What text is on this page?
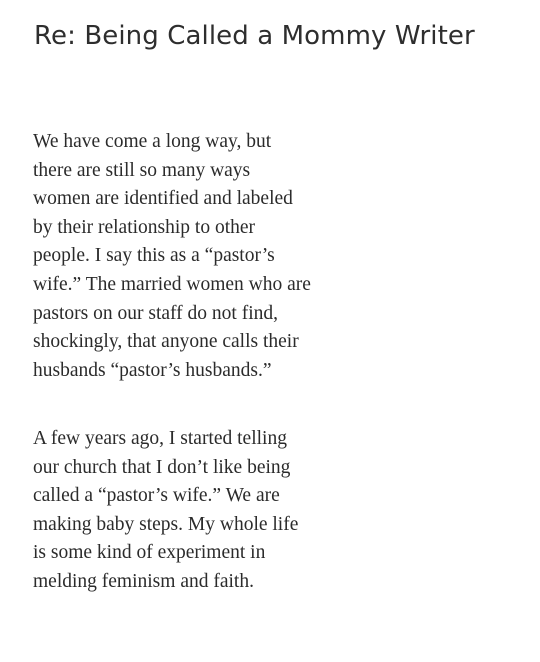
Re: Being Called a Mommy Writer

We have come a long way, but
there are still so many ways
women are identified and labeled
by their relationship to other
people. I say this as a “pastor’s
wife.” The married women who are
pastors on our staff do not find,
shockingly, that anyone calls their
husbands “pastor’s husbands.”

A few years ago, I started telling
our church that I don’t like being
called a “pastor’s wife.” We are
making baby steps. My whole life
is some kind of experiment in
melding feminism and faith.
